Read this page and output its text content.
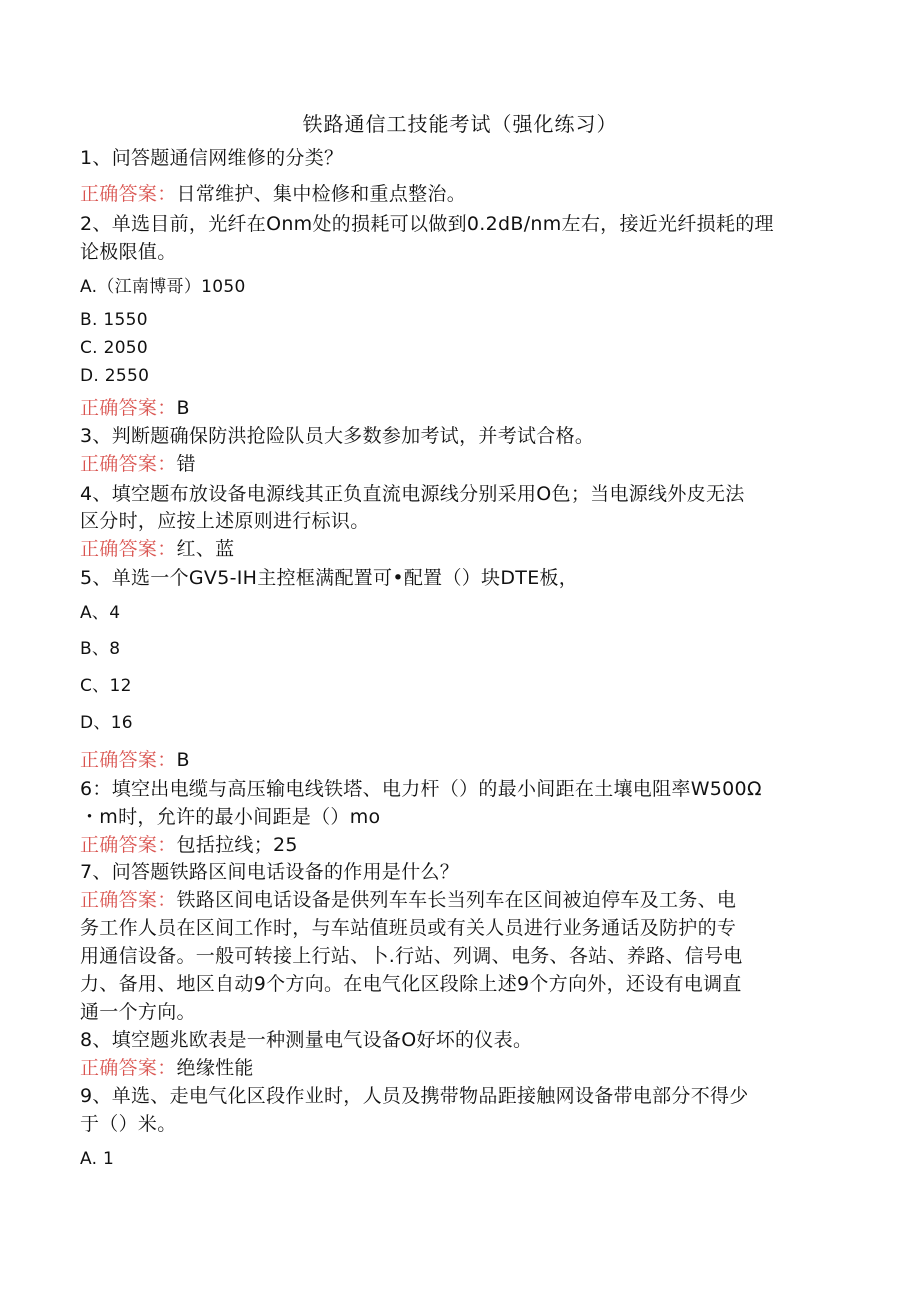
铁路通信工技能考试（强化练习）
1、问答题通信网维修的分类？
正确答案：日常维护、集中检修和重点整治。
2、单选目前，光纤在Onm处的损耗可以做到0.2dB∕nm左右，接近光纤损耗的理
论极限值。
A.（江南博哥）1050
B. 1550
C. 2050
D. 2550
正确答案：B
3、判断题确保防洪抢险队员大多数参加考试，并考试合格。
正确答案：错
4、填空题布放设备电源线其正负直流电源线分别采用O色；当电源线外皮无法
区分时，应按上述原则进行标识。
正确答案：红、蓝
5、单选一个GV5-IH主控框满配置可•配置（）块DTE板，
A、4
B、8
C、12
D、16
正确答案：B
6：填空出电缆与高压输电线铁塔、电力杆（）的最小间距在土壤电阻率W500Ω
・m时，允许的最小间距是（）mo
正确答案：包括拉线；25
7、问答题铁路区间电话设备的作用是什么？
正确答案：铁路区间电话设备是供列车车长当列车在区间被迫停车及工务、电
务工作人员在区间工作时，与车站值班员或有关人员进行业务通话及防护的专
用通信设备。一般可转接上行站、卜.行站、列调、电务、各站、养路、信号电
力、备用、地区自动9个方向。在电气化区段除上述9个方向外，还设有电调直
通一个方向。
8、填空题兆欧表是一种测量电气设备O好坏的仪表。
正确答案：绝缘性能
9、单选、走电气化区段作业时，人员及携带物品距接触网设备带电部分不得少
于（）米。
A. 1
